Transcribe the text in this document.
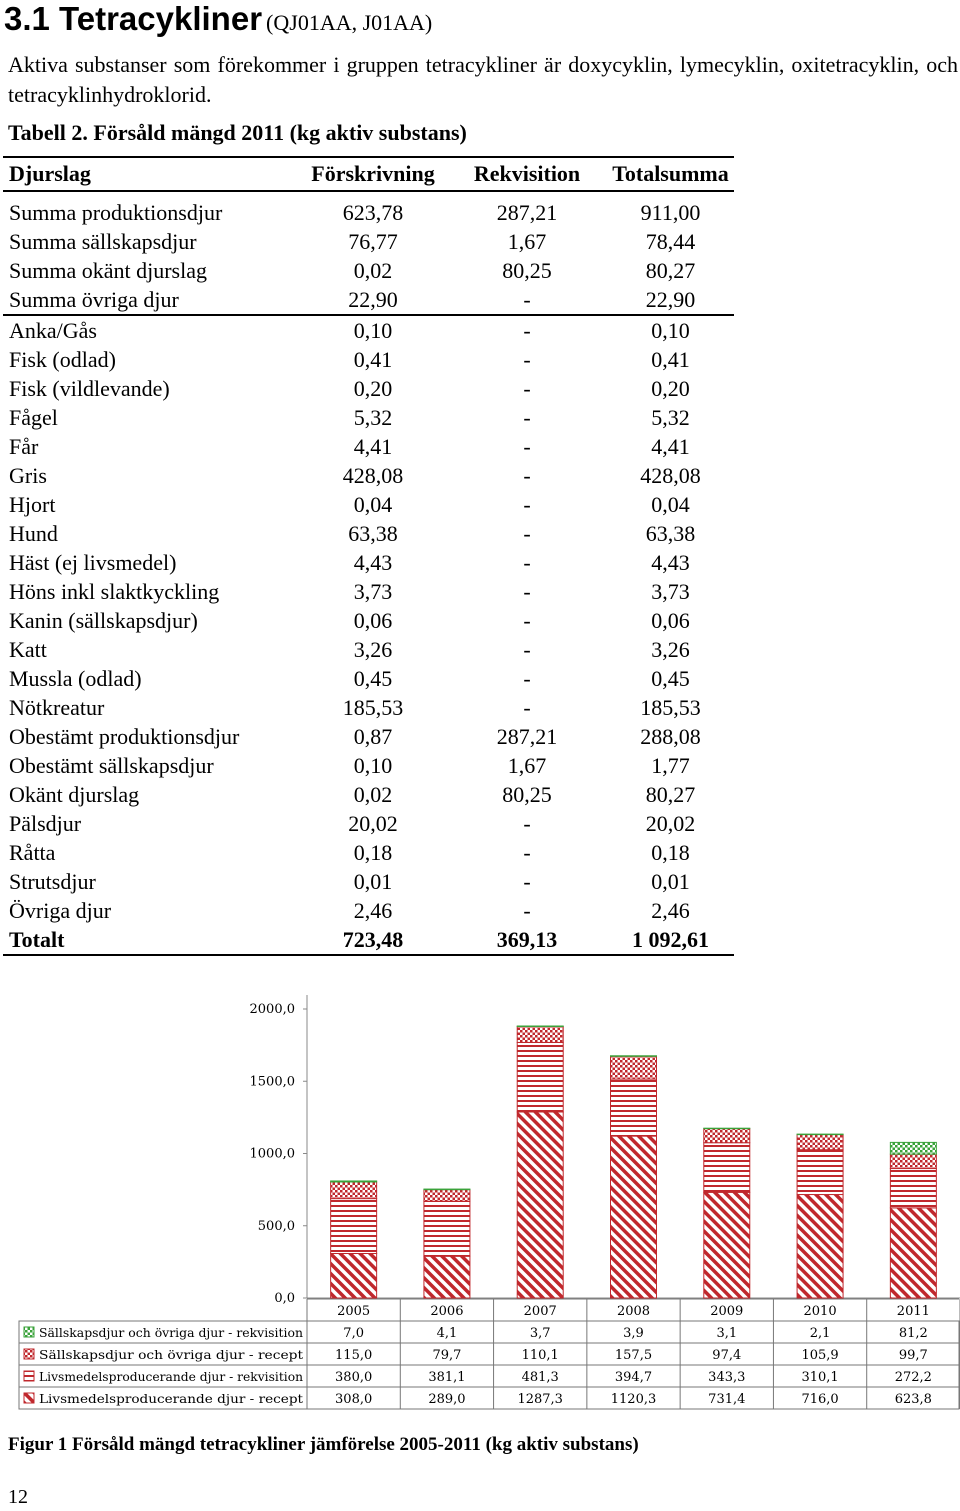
3.1 Tetracykliner (QJ01AA, J01AA)

Aktiva substanser som förekommer i gruppen tetracykliner är doxycyklin, lymecyklin, oxitetracyklin, och tetracyklinhydroklorid.

Tabell 2. Försåld mängd 2011 (kg aktiv substans)
Djurslag	Förskrivning	Rekvisition	Totalsumma
Summa produktionsdjur	623,78	287,21	911,00
Summa sällskapsdjur	76,77	1,67	78,44
Summa okänt djurslag	0,02	80,25	80,27
Summa övriga djur	22,90	-	22,90
Anka/Gås	0,10	-	0,10
Fisk (odlad)	0,41	-	0,41
Fisk (vildlevande)	0,20	-	0,20
Fågel	5,32	-	5,32
Får	4,41	-	4,41
Gris	428,08	-	428,08
Hjort	0,04	-	0,04
Hund	63,38	-	63,38
Häst (ej livsmedel)	4,43	-	4,43
Höns inkl slaktkyckling	3,73	-	3,73
Kanin (sällskapsdjur)	0,06	-	0,06
Katt	3,26	-	3,26
Mussla (odlad)	0,45	-	0,45
Nötkreatur	185,53	-	185,53
Obestämt produktionsdjur	0,87	287,21	288,08
Obestämt sällskapsdjur	0,10	1,67	1,77
Okänt djurslag	0,02	80,25	80,27
Pälsdjur	20,02	-	20,02
Råtta	0,18	-	0,18
Strutsdjur	0,01	-	0,01
Övriga djur	2,46	-	2,46
Totalt	723,48	369,13	1 092,61
0,0
500,0
1000,0
1500,0
2000,0
2005	2006	2007	2008	2009	2010	2011
Sällskapsdjur och övriga djur - rekvisition	7,0	4,1	3,7	3,9	3,1	2,1	81,2
Sällskapsdjur och övriga djur - recept 115,0	79,7	110,1	157,5	97,4	105,9	99,7
Livsmedelsproducerande djur - rekvisition 380,0	381,1	481,3	394,7	343,3	310,1	272,2
Livsmedelsproducerande djur - recept 308,0	289,0	1287,3	1120,3	731,4	716,0	623,8
Figur 1 Försåld mängd tetracykliner jämförelse 2005-2011 (kg aktiv substans)
12
